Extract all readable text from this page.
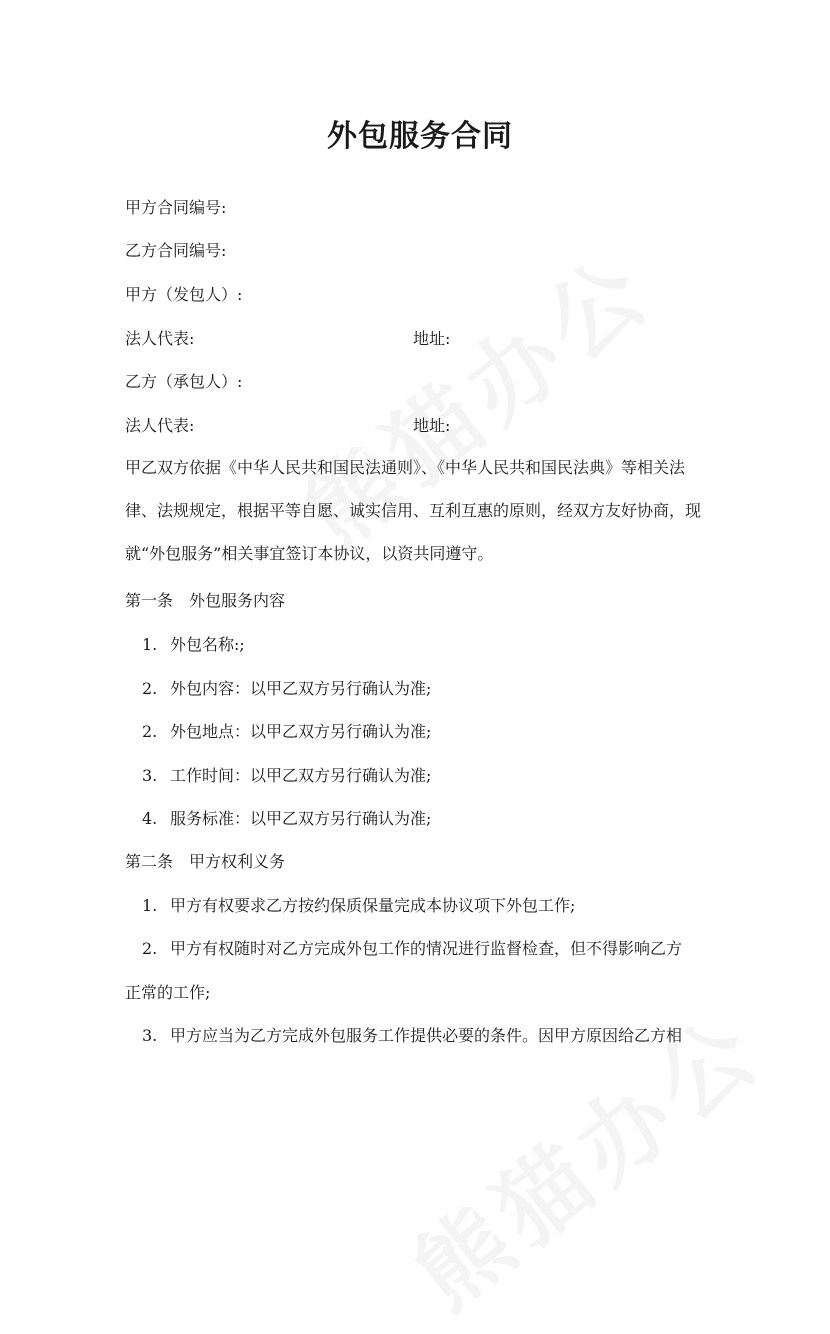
外包服务合同
甲方合同编号:
乙方合同编号:
甲方（发包人）:
法人代表:	地址:
乙方（承包人）:
法人代表:	地址:
甲乙双方依据《中华人民共和国民法通则》、《中华人民共和国民法典》等相关法律、法规规定，根据平等自愿、诚实信用、互利互惠的原则，经双方友好协商，现就“外包服务”相关事宜签订本协议，以资共同遵守。
第一条　外包服务内容
1. 外包名称:;
2. 外包内容：以甲乙双方另行确认为准;
2. 外包地点：以甲乙双方另行确认为准;
3. 工作时间：以甲乙双方另行确认为准;
4. 服务标准：以甲乙双方另行确认为准;
第二条　甲方权利义务
1. 甲方有权要求乙方按约保质保量完成本协议项下外包工作;
2. 甲方有权随时对乙方完成外包工作的情况进行监督检查，但不得影响乙方
正常的工作;
3. 甲方应当为乙方完成外包服务工作提供必要的条件。因甲方原因给乙方相
